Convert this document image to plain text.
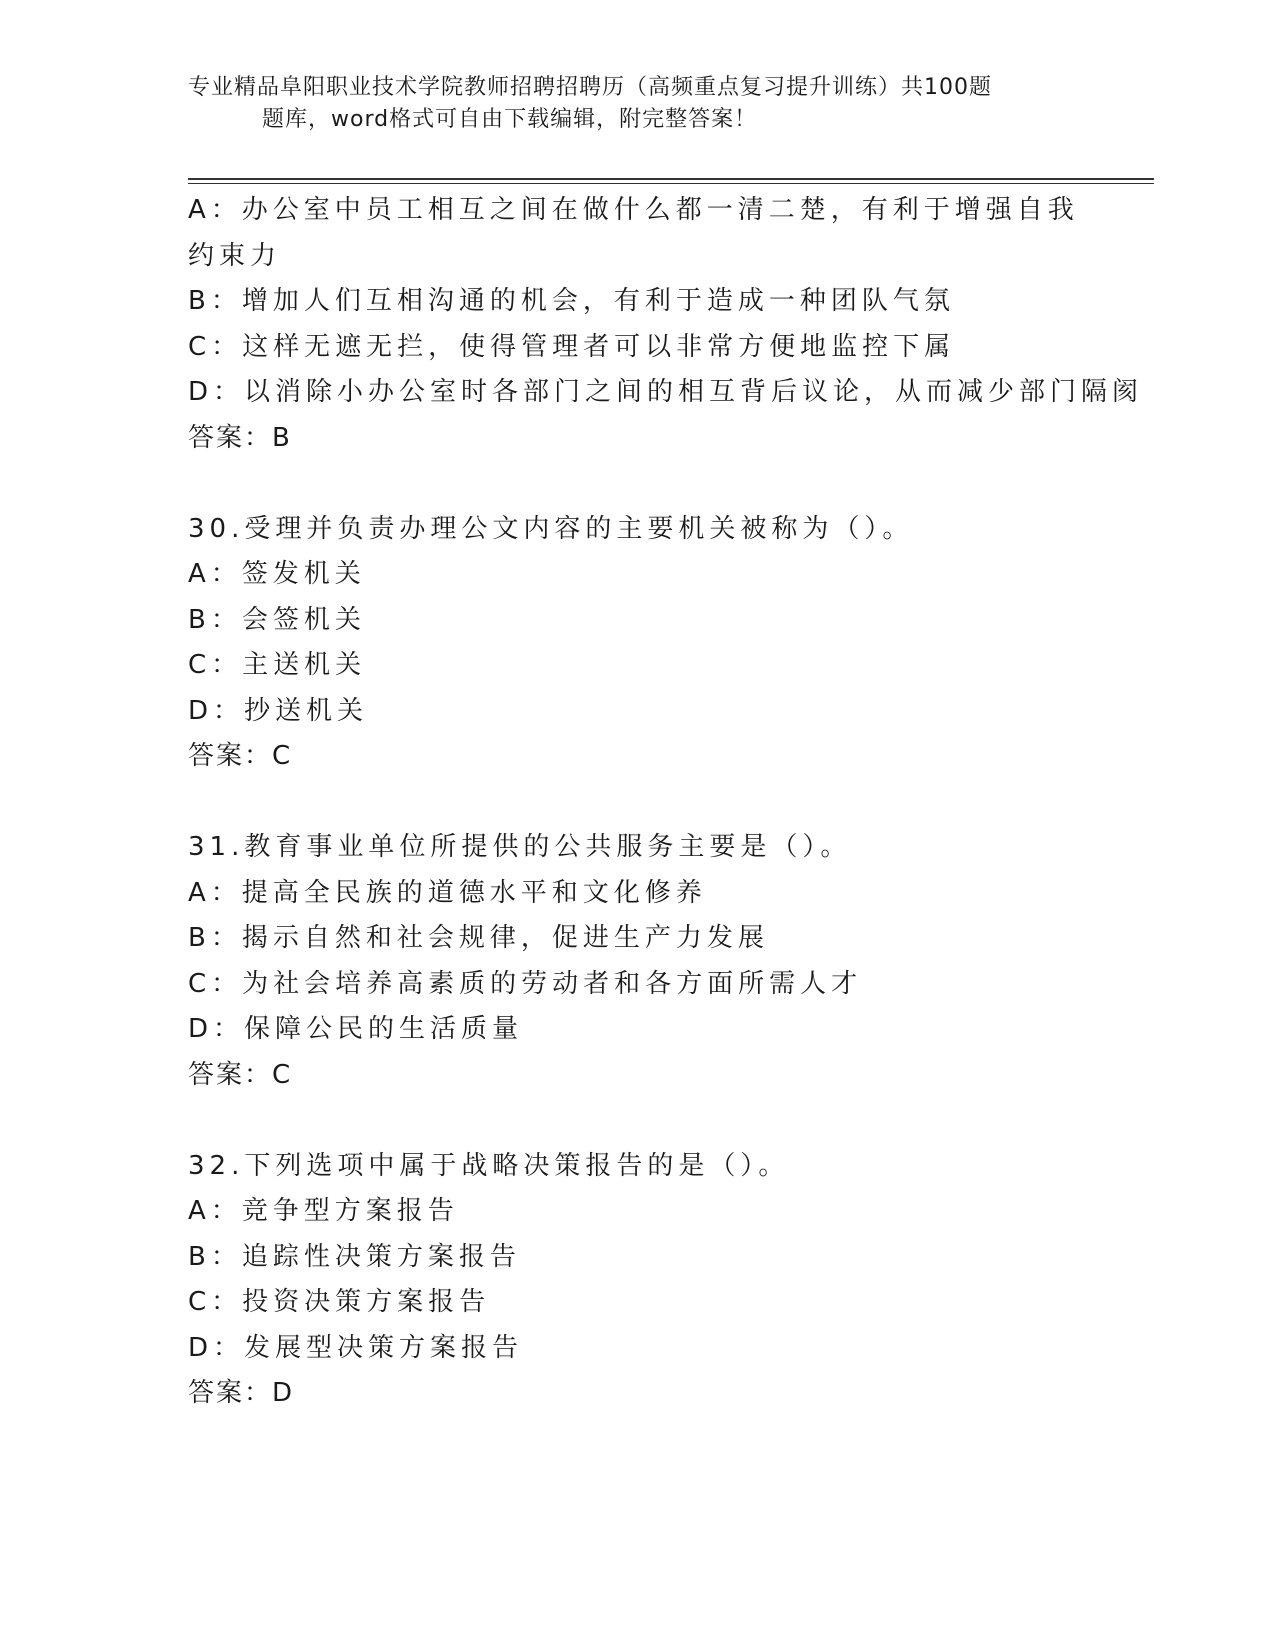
专业精品阜阳职业技术学院教师招聘招聘历（高频重点复习提升训练）共100题
题库，word格式可自由下载编辑，附完整答案！
A：办公室中员工相互之间在做什么都一清二楚，有利于增强自我约束力
B：增加人们互相沟通的机会，有利于造成一种团队气氛
C：这样无遮无拦，使得管理者可以非常方便地监控下属
D：以消除小办公室时各部门之间的相互背后议论，从而减少部门隔阂
答案：B
30.受理并负责办理公文内容的主要机关被称为（）。
A：签发机关
B：会签机关
C：主送机关
D：抄送机关
答案：C
31.教育事业单位所提供的公共服务主要是（）。
A：提高全民族的道德水平和文化修养
B：揭示自然和社会规律，促进生产力发展
C：为社会培养高素质的劳动者和各方面所需人才
D：保障公民的生活质量
答案：C
32.下列选项中属于战略决策报告的是（）。
A：竞争型方案报告
B：追踪性决策方案报告
C：投资决策方案报告
D：发展型决策方案报告
答案：D
